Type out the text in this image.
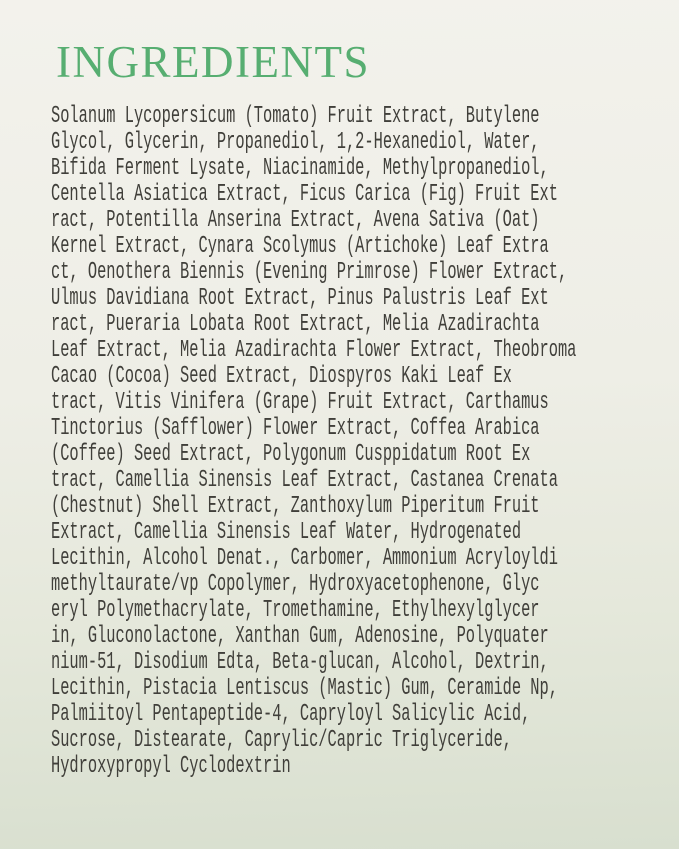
INGREDIENTS
Solanum Lycopersicum (Tomato) Fruit Extract, Butylene
Glycol, Glycerin, Propanediol, 1,2-Hexanediol, Water,
Bifida Ferment Lysate, Niacinamide, Methylpropanediol,
Centella Asiatica Extract, Ficus Carica (Fig) Fruit Ext
ract, Potentilla Anserina Extract, Avena Sativa (Oat)
Kernel Extract, Cynara Scolymus (Artichoke) Leaf Extra
ct, Oenothera Biennis (Evening Primrose) Flower Extract,
Ulmus Davidiana Root Extract, Pinus Palustris Leaf Ext
ract, Pueraria Lobata Root Extract, Melia Azadirachta
Leaf Extract, Melia Azadirachta Flower Extract, Theobroma
Cacao (Cocoa) Seed Extract, Diospyros Kaki Leaf Ex
tract, Vitis Vinifera (Grape) Fruit Extract, Carthamus
Tinctorius (Safflower) Flower Extract, Coffea Arabica
(Coffee) Seed Extract, Polygonum Cusppidatum Root Ex
tract, Camellia Sinensis Leaf Extract, Castanea Crenata
(Chestnut) Shell Extract, Zanthoxylum Piperitum Fruit
Extract, Camellia Sinensis Leaf Water, Hydrogenated
Lecithin, Alcohol Denat., Carbomer, Ammonium Acryloyldi
methyltaurate/vp Copolymer, Hydroxyacetophenone, Glyc
eryl Polymethacrylate, Tromethamine, Ethylhexylglycer
in, Gluconolactone, Xanthan Gum, Adenosine, Polyquater
nium-51, Disodium Edta, Beta-glucan, Alcohol, Dextrin,
Lecithin, Pistacia Lentiscus (Mastic) Gum, Ceramide Np,
Palmiitoyl Pentapeptide-4, Capryloyl Salicylic Acid,
Sucrose, Distearate, Caprylic/Capric Triglyceride,
Hydroxypropyl Cyclodextrin
